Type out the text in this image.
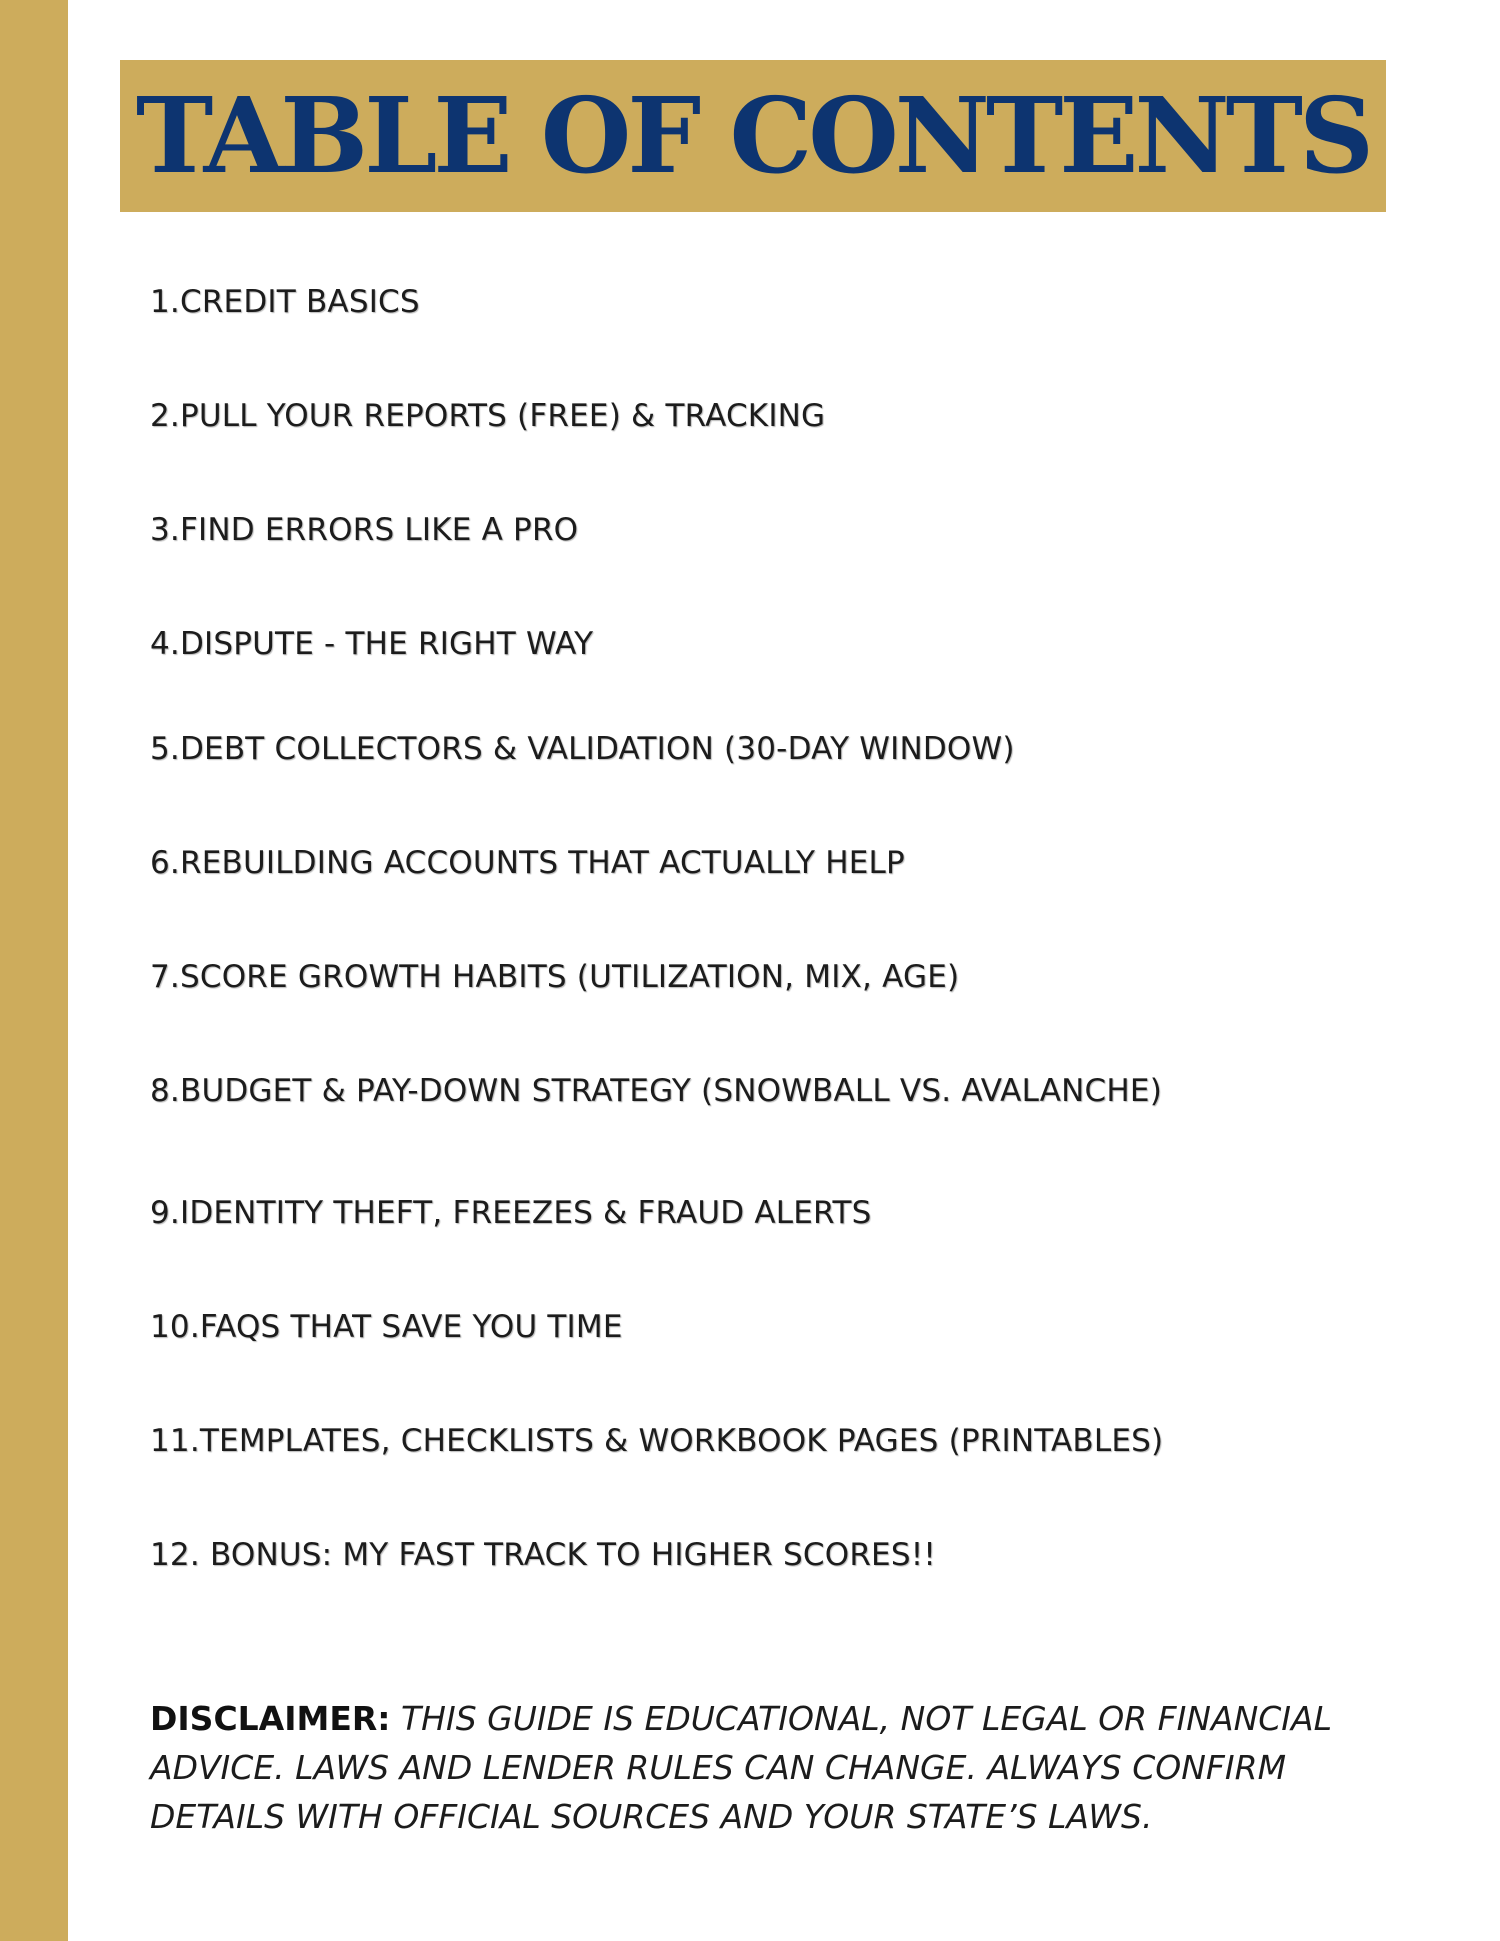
TABLE OF CONTENTS
1.CREDIT BASICS
2.PULL YOUR REPORTS (FREE) & TRACKING
3.FIND ERRORS LIKE A PRO
4.DISPUTE - THE RIGHT WAY
5.DEBT COLLECTORS & VALIDATION (30-DAY WINDOW)
6.REBUILDING ACCOUNTS THAT ACTUALLY HELP
7.SCORE GROWTH HABITS (UTILIZATION, MIX, AGE)
8.BUDGET & PAY-DOWN STRATEGY (SNOWBALL VS. AVALANCHE)
9.IDENTITY THEFT, FREEZES & FRAUD ALERTS
10.FAQS THAT SAVE YOU TIME
11.TEMPLATES, CHECKLISTS & WORKBOOK PAGES (PRINTABLES)
12. BONUS: MY FAST TRACK TO HIGHER SCORES!!
DISCLAIMER: THIS GUIDE IS EDUCATIONAL, NOT LEGAL OR FINANCIAL ADVICE. LAWS AND LENDER RULES CAN CHANGE. ALWAYS CONFIRM DETAILS WITH OFFICIAL SOURCES AND YOUR STATE’S LAWS.
